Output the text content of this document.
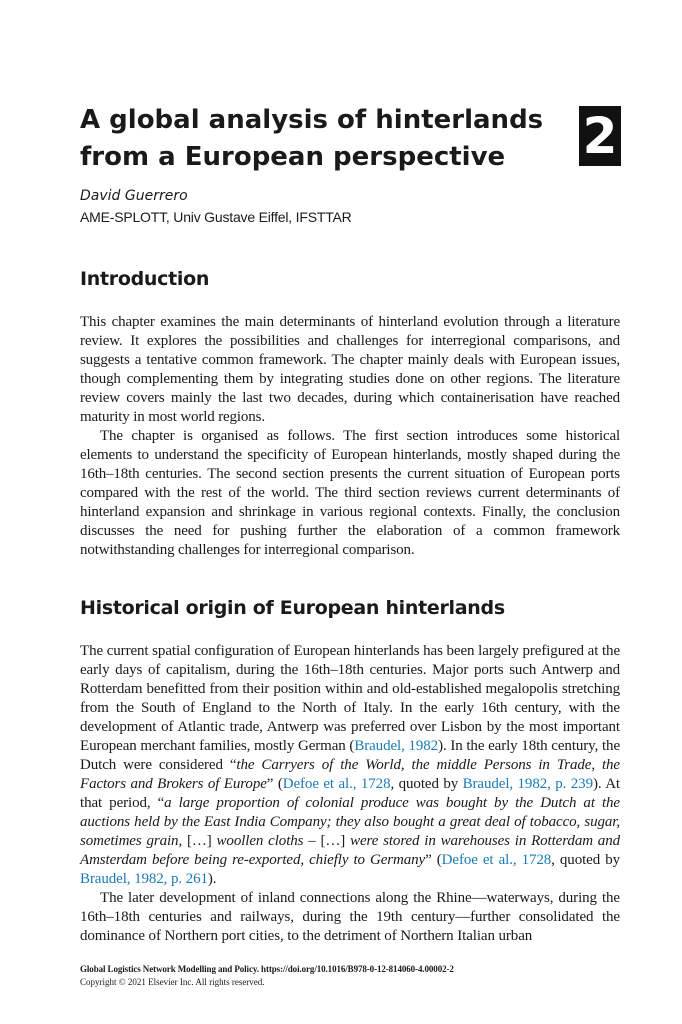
A global analysis of hinterlands
from a European perspective	2
David Guerrero
AME-SPLOTT, Univ Gustave Eiffel, IFSTTAR
Introduction

This chapter examines the main determinants of hinterland evolution through a literature review. It explores the possibilities and challenges for interregional comparisons, and suggests a tentative common framework. The chapter mainly deals with European issues, though complementing them by integrating studies done on other regions. The literature review covers mainly the last two decades, during which containerisation have reached maturity in most world regions.

The chapter is organised as follows. The first section introduces some historical elements to understand the specificity of European hinterlands, mostly shaped during the 16th–18th centuries. The second section presents the current situation of European ports compared with the rest of the world. The third section reviews current determinants of hinterland expansion and shrinkage in various regional contexts. Finally, the conclusion discusses the need for pushing further the elaboration of a common framework notwithstanding challenges for interregional comparison.

Historical origin of European hinterlands

The current spatial configuration of European hinterlands has been largely prefigured at the early days of capitalism, during the 16th–18th centuries. Major ports such Antwerp and Rotterdam benefitted from their position within and old-established megalopolis stretching from the South of England to the North of Italy. In the early 16th century, with the development of Atlantic trade, Antwerp was preferred over Lisbon by the most important European merchant families, mostly German (Braudel, 1982). In the early 18th century, the Dutch were considered “the Carryers of the World, the middle Persons in Trade, the Factors and Brokers of Europe” (Defoe et al., 1728, quoted by Braudel, 1982, p. 239). At that period, “a large proportion of colonial produce was bought by the Dutch at the auctions held by the East India Company; they also bought a great deal of tobacco, sugar, sometimes grain, […] woollen cloths – […] were stored in warehouses in Rotterdam and Amsterdam before being re-exported, chiefly to Germany” (Defoe et al., 1728, quoted by Braudel, 1982, p. 261).

The later development of inland connections along the Rhine—waterways, during the 16th–18th centuries and railways, during the 19th century—further consolidated the dominance of Northern port cities, to the detriment of Northern Italian urban

Global Logistics Network Modelling and Policy. https://doi.org/10.1016/B978-0-12-814060-4.00002-2
Copyright © 2021 Elsevier Inc. All rights reserved.
